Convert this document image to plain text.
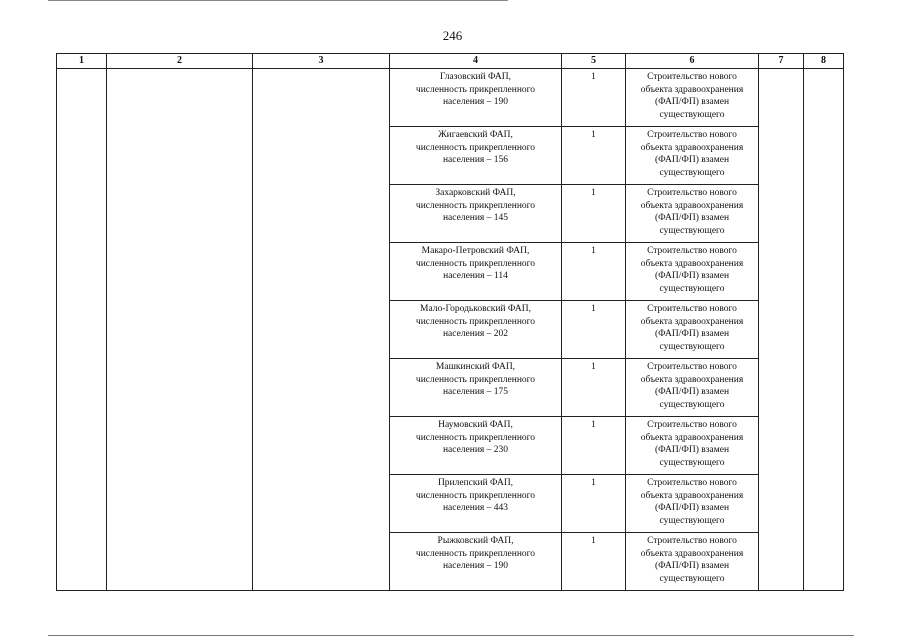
246
1	2	3	4	5	6	7	8

			Глазовский ФАП,
численность прикрепленного
населения – 190	1	Строительство нового
объекта здравоохранения
(ФАП/ФП) взамен
существующего		

			Жигаевский ФАП,
численность прикрепленного
населения – 156	1	Строительство нового
объекта здравоохранения
(ФАП/ФП) взамен
существующего		

			Захарковский ФАП,
численность прикрепленного
населения – 145	1	Строительство нового
объекта здравоохранения
(ФАП/ФП) взамен
существующего		

			Макаро-Петровский ФАП,
численность прикрепленного
населения – 114	1	Строительство нового
объекта здравоохранения
(ФАП/ФП) взамен
существующего		

			Мало-Городьковский ФАП,
численность прикрепленного
населения – 202	1	Строительство нового
объекта здравоохранения
(ФАП/ФП) взамен
существующего		

			Машкинский ФАП,
численность прикрепленного
населения – 175	1	Строительство нового
объекта здравоохранения
(ФАП/ФП) взамен
существующего		

			Наумовский ФАП,
численность прикрепленного
населения – 230	1	Строительство нового
объекта здравоохранения
(ФАП/ФП) взамен
существующего		

			Прилепский ФАП,
численность прикрепленного
населения – 443	1	Строительство нового
объекта здравоохранения
(ФАП/ФП) взамен
существующего		

			Рыжковский ФАП,
численность прикрепленного
населения – 190	1	Строительство нового
объекта здравоохранения
(ФАП/ФП) взамен
существующего		
